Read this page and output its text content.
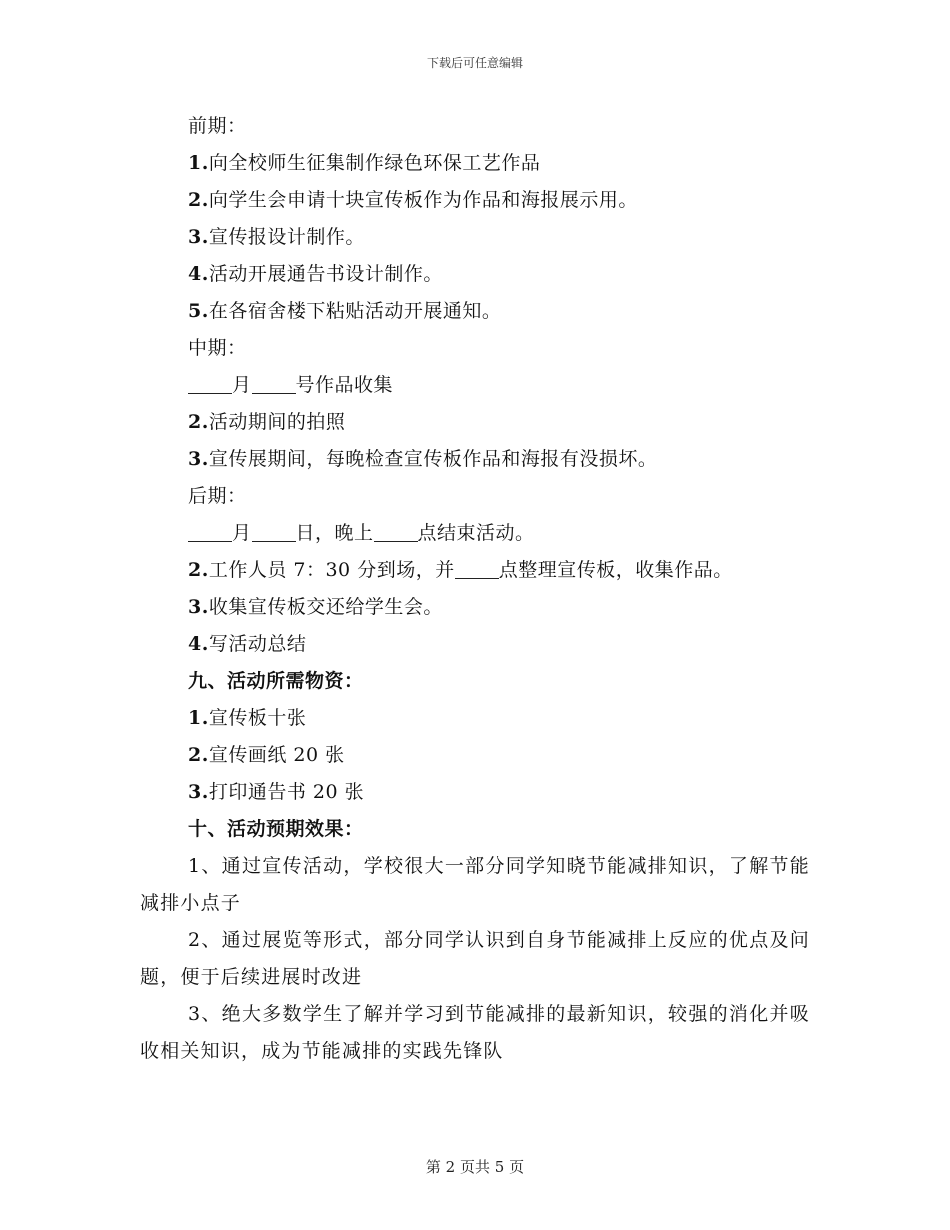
下载后可任意编辑
前期：
1.向全校师生征集制作绿色环保工艺作品
2.向学生会申请十块宣传板作为作品和海报展示用。
3.宣传报设计制作。
4.活动开展通告书设计制作。
5.在各宿舍楼下粘贴活动开展通知。
中期：
月 号作品收集
2.活动期间的拍照
3.宣传展期间，每晚检查宣传板作品和海报有没损坏。
后期：
月 日，晚上 点结束活动。
2.工作人员 7：30 分到场，并 点整理宣传板，收集作品。
3.收集宣传板交还给学生会。
4.写活动总结
九、活动所需物资：
1.宣传板十张
2.宣传画纸 20 张
3.打印通告书 20 张
十、活动预期效果：
1、通过宣传活动，学校很大一部分同学知晓节能减排知识，了解节能减排小点子
2、通过展览等形式，部分同学认识到自身节能减排上反应的优点及问题，便于后续进展时改进
3、绝大多数学生了解并学习到节能减排的最新知识，较强的消化并吸收相关知识，成为节能减排的实践先锋队
第 2 页共 5 页
